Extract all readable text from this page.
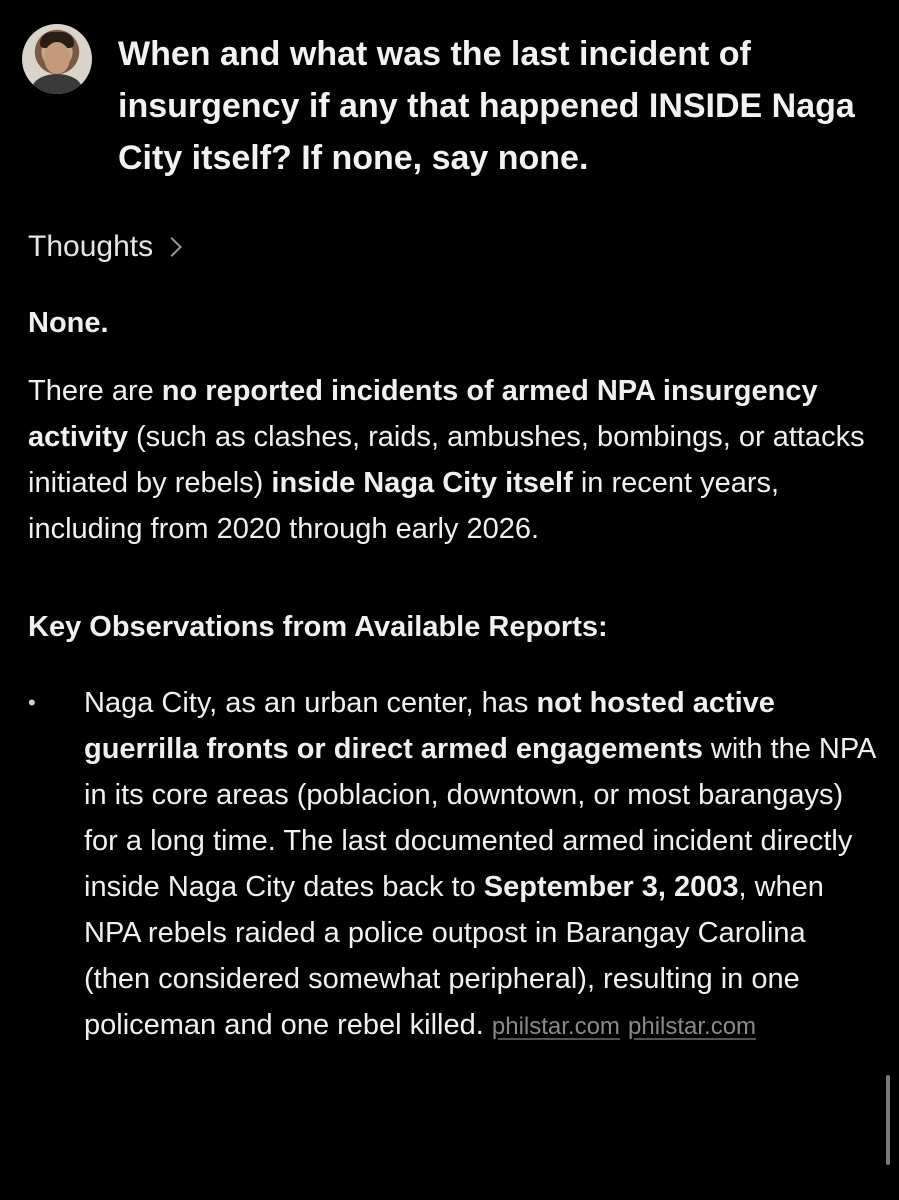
When and what was the last incident of insurgency if any that happened INSIDE Naga City itself? If none, say none.
Thoughts

None.

There are no reported incidents of armed NPA insurgency activity (such as clashes, raids, ambushes, bombings, or attacks initiated by rebels) inside Naga City itself in recent years, including from 2020 through early 2026.

Key Observations from Available Reports:

• Naga City, as an urban center, has not hosted active guerrilla fronts or direct armed engagements with the NPA in its core areas (poblacion, downtown, or most barangays) for a long time. The last documented armed incident directly inside Naga City dates back to September 3, 2003, when NPA rebels raided a police outpost in Barangay Carolina (then considered somewhat peripheral), resulting in one policeman and one rebel killed. philstar.com philstar.com
